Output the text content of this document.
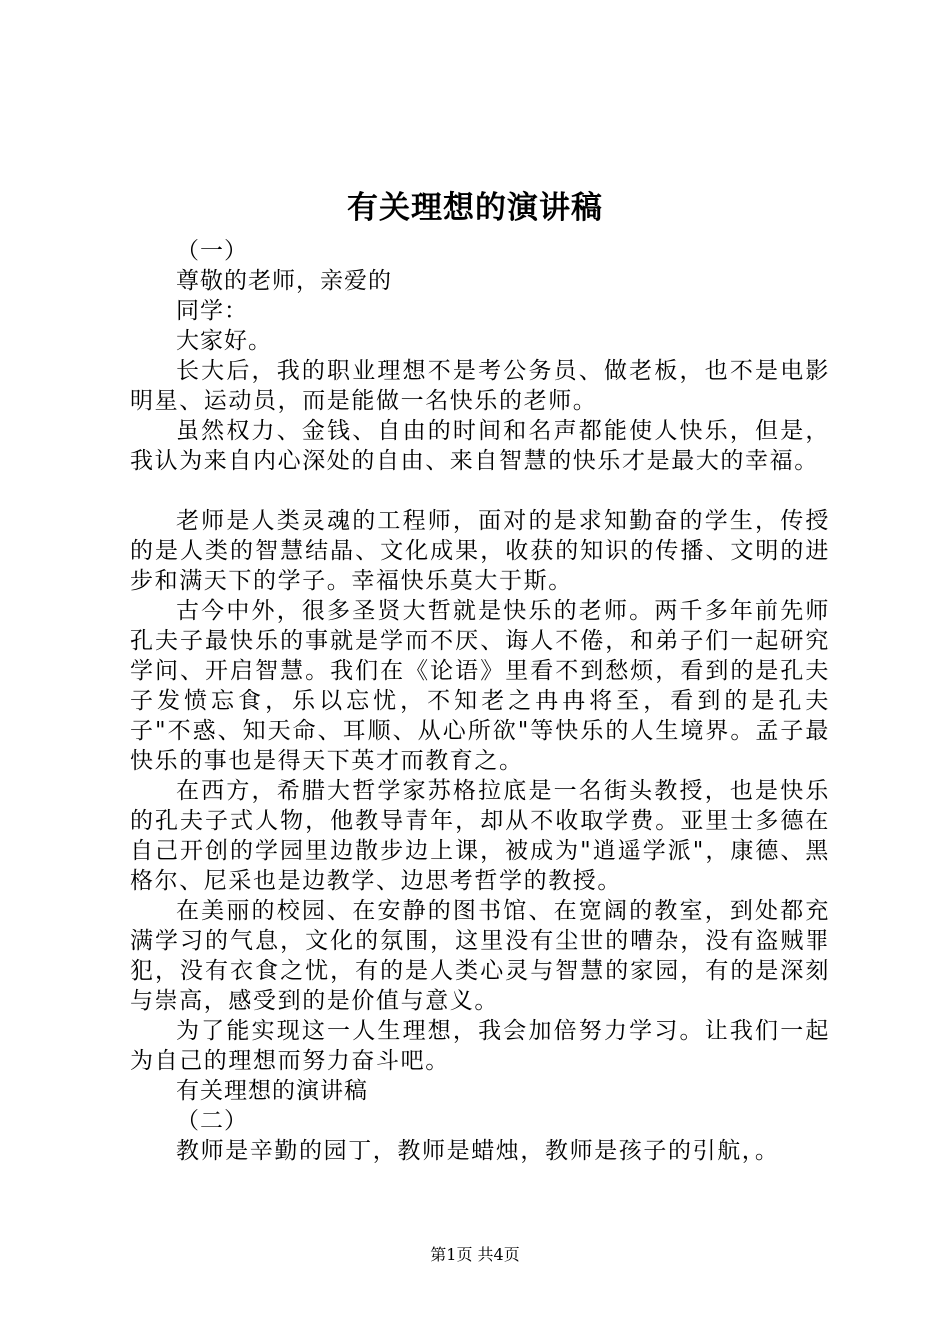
有关理想的演讲稿

（一）

尊敬的老师，亲爱的

同学：

大家好。

长大后，我的职业理想不是考公务员、做老板，也不是电影明星、运动员，而是能做一名快乐的老师。

虽然权力、金钱、自由的时间和名声都能使人快乐，但是，我认为来自内心深处的自由、来自智慧的快乐才是最大的幸福。

老师是人类灵魂的工程师，面对的是求知勤奋的学生，传授的是人类的智慧结晶、文化成果，收获的知识的传播、文明的进步和满天下的学子。幸福快乐莫大于斯。

古今中外，很多圣贤大哲就是快乐的老师。两千多年前先师孔夫子最快乐的事就是学而不厌、诲人不倦，和弟子们一起研究学问、开启智慧。我们在《论语》里看不到愁烦，看到的是孔夫子发愤忘食，乐以忘忧，不知老之冉冉将至，看到的是孔夫子"不惑、知天命、耳顺、从心所欲"等快乐的人生境界。孟子最快乐的事也是得天下英才而教育之。

在西方，希腊大哲学家苏格拉底是一名街头教授，也是快乐的孔夫子式人物，他教导青年，却从不收取学费。亚里士多德在自己开创的学园里边散步边上课，被成为"逍遥学派"，康德、黑格尔、尼采也是边教学、边思考哲学的教授。

在美丽的校园、在安静的图书馆、在宽阔的教室，到处都充满学习的气息，文化的氛围，这里没有尘世的嘈杂，没有盗贼罪犯，没有衣食之忧，有的是人类心灵与智慧的家园，有的是深刻与崇高，感受到的是价值与意义。

为了能实现这一人生理想，我会加倍努力学习。让我们一起为自己的理想而努力奋斗吧。

有关理想的演讲稿

（二）

教师是辛勤的园丁，教师是蜡烛，教师是孩子的引航，。

第1页 共4页
